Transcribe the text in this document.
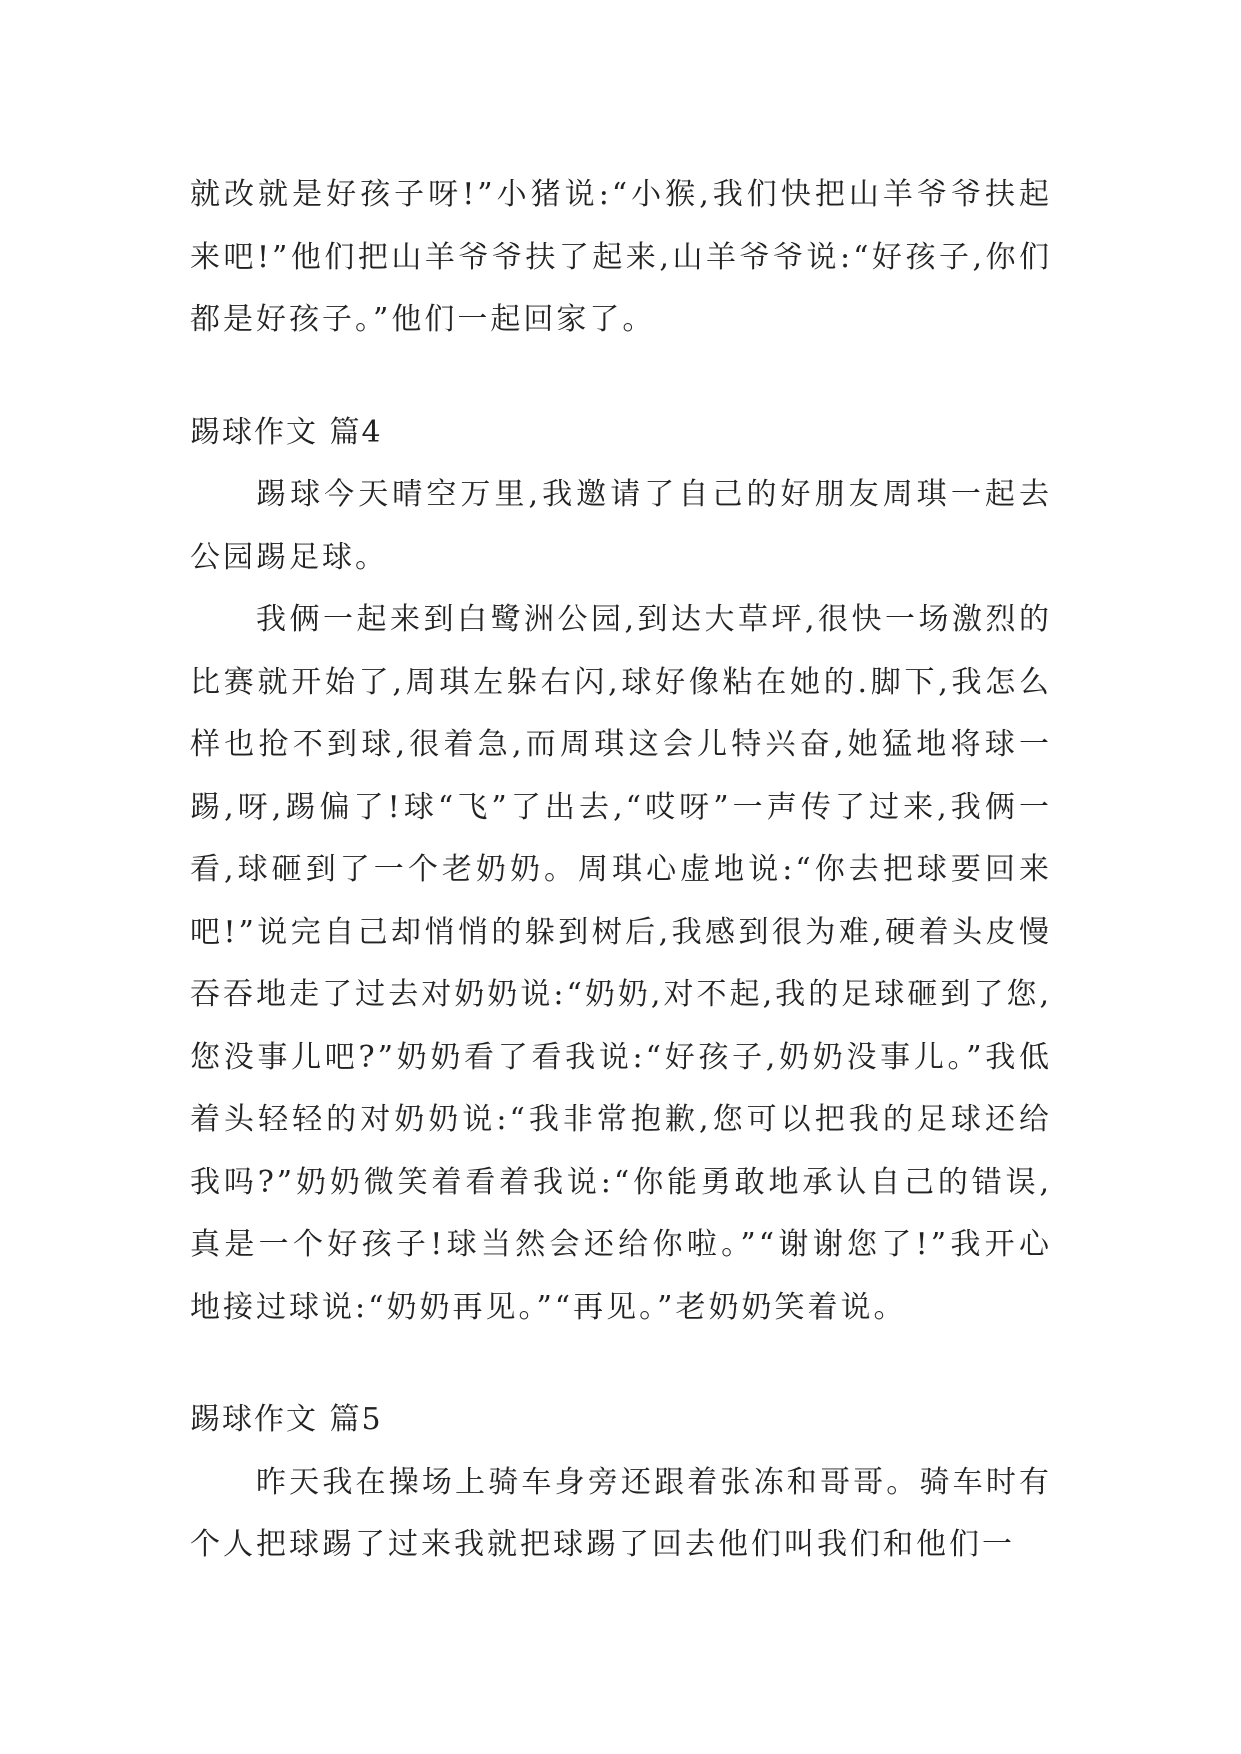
就改就是好孩子呀!”小猪说:“小猴,我们快把山羊爷爷扶起来吧!”他们把山羊爷爷扶了起来,山羊爷爷说:“好孩子,你们都是好孩子。”他们一起回家了。

踢球作文 篇4

踢球今天晴空万里,我邀请了自己的好朋友周琪一起去公园踢足球。

我俩一起来到白鹭洲公园,到达大草坪,很快一场激烈的比赛就开始了,周琪左躲右闪,球好像粘在她的.脚下,我怎么样也抢不到球,很着急,而周琪这会儿特兴奋,她猛地将球一踢,呀,踢偏了!球“飞”了出去,“哎呀”一声传了过来,我俩一看,球砸到了一个老奶奶。周琪心虚地说:“你去把球要回来吧!”说完自己却悄悄的躲到树后,我感到很为难,硬着头皮慢吞吞地走了过去对奶奶说:“奶奶,对不起,我的足球砸到了您,您没事儿吧?”奶奶看了看我说:“好孩子,奶奶没事儿。”我低着头轻轻的对奶奶说:“我非常抱歉,您可以把我的足球还给我吗?”奶奶微笑着看着我说:“你能勇敢地承认自己的错误,真是一个好孩子!球当然会还给你啦。”“谢谢您了!”我开心地接过球说:“奶奶再见。”“再见。”老奶奶笑着说。

踢球作文 篇5

昨天我在操场上骑车身旁还跟着张冻和哥哥。骑车时有个人把球踢了过来我就把球踢了回去他们叫我们和他们一
